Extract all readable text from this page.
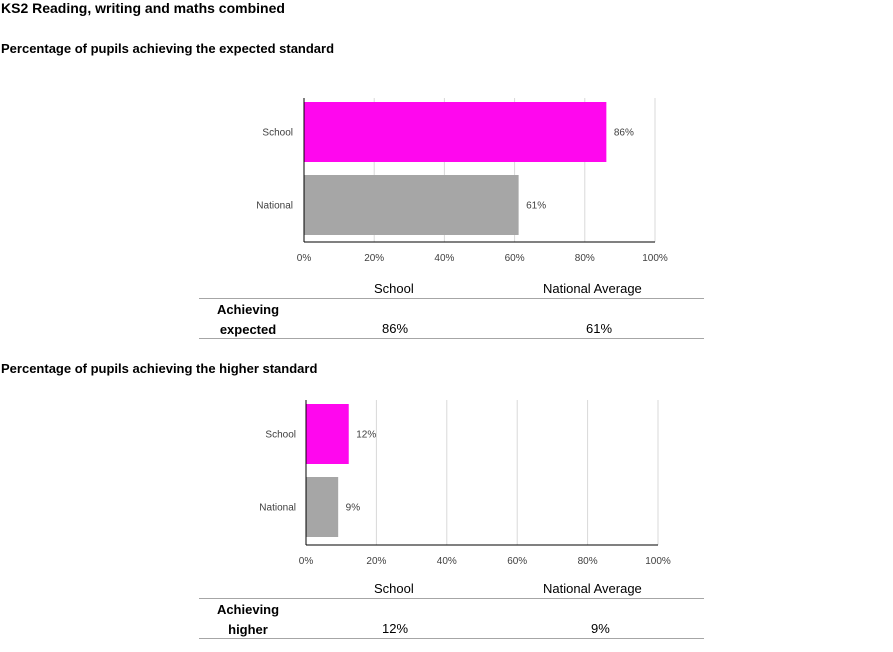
KS2 Reading, writing and maths combined
Percentage of pupils achieving the expected standard
0%	20%	40%	60%	80%	100%
School	86%
National	61%
School	National Average
Achieving
expected	86%	61%
Percentage of pupils achieving the higher standard
0%	20%	40%	60%	80%	100%
School	12%
National	9%
School	National Average
Achieving
higher	12%	9%
